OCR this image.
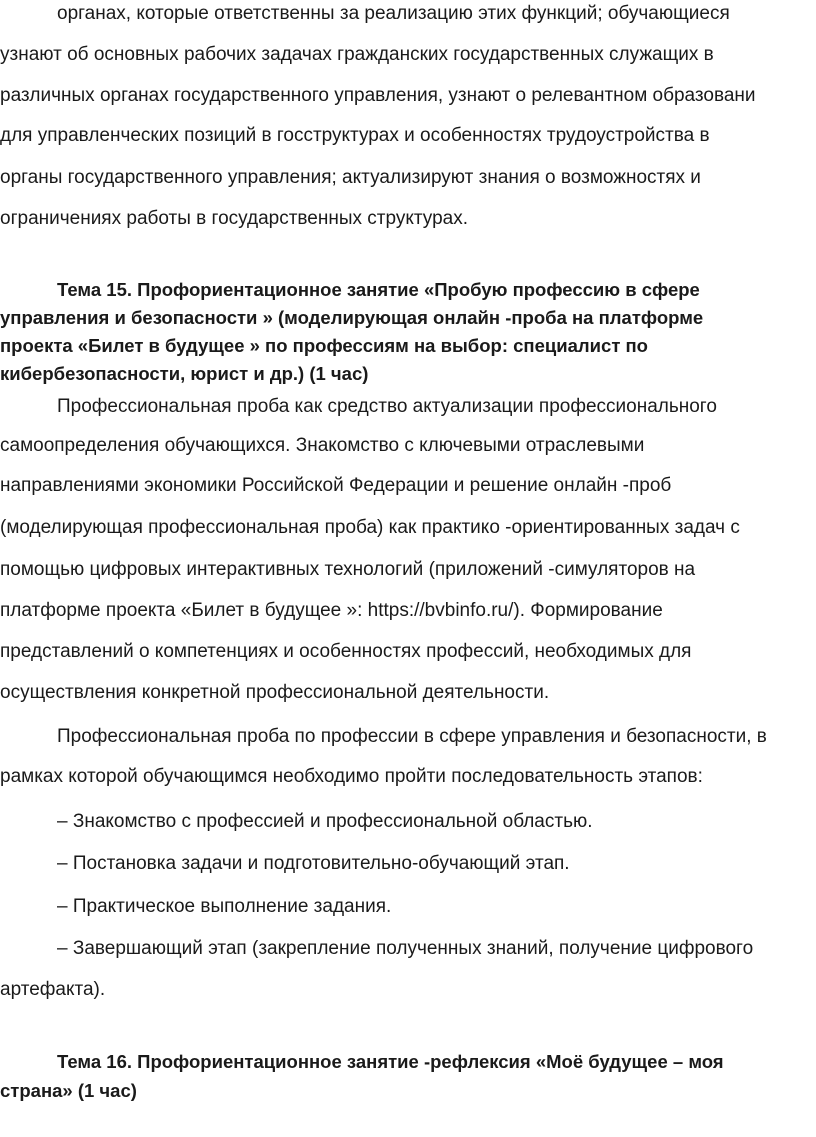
органах, которые ответственны за реализацию этих функций; обучающиеся
узнают об основных рабочих задачах гражданских государственных служащих в
различных органах государственного управления, узнают о релевантном образовани
для управленческих позиций в госструктурах и особенностях трудоустройства в
органы государственного управления; актуализируют знания о возможностях и
ограничениях работы в государственных структурах.
Тема 15. Профориентационное занятие «Пробую профессию в сфере
управления и безопасности » (моделирующая онлайн -проба на платформе
проекта «Билет в будущее » по профессиям на выбор: специалист по
кибербезопасности, юрист и др.) (1 час)
Профессиональная проба как средство актуализации профессионального
самоопределения обучающихся. Знакомство с ключевыми отраслевыми
направлениями экономики Российской Федерации и решение онлайн -проб
(моделирующая профессиональная проба) как практико -ориентированных задач с
помощью цифровых интерактивных технологий (приложений -симуляторов на
платформе проекта «Билет в будущее »: https://bvbinfo.ru/). Формирование
представлений о компетенциях и особенностях профессий, необходимых для
осуществления конкретной профессиональной деятельности.
Профессиональная проба по профессии в сфере управления и безопасности, в
рамках которой обучающимся необходимо пройти последовательность этапов:
– Знакомство с профессией и профессиональной областью.
– Постановка задачи и подготовительно-обучающий этап.
– Практическое выполнение задания.
– Завершающий этап (закрепление полученных знаний, получение цифрового
артефакта).
Тема 16. Профориентационное занятие -рефлексия «Моё будущее – моя
страна» (1 час)
